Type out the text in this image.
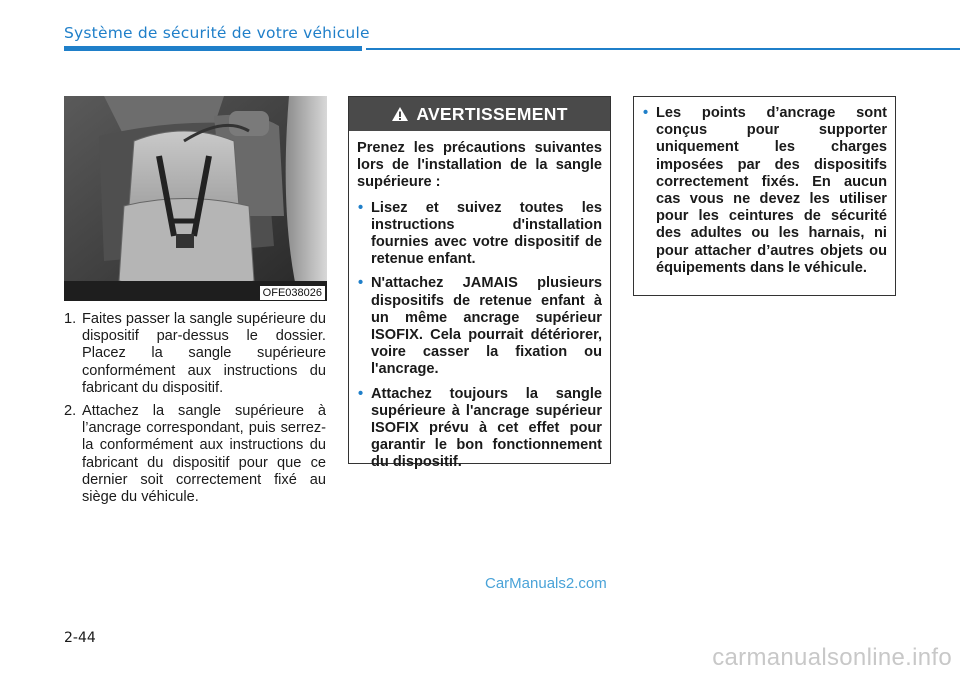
Système de sécurité de votre véhicule
OFE038026
1. Faites passer la sangle supérieure du dispositif par-dessus le dossier. Placez la sangle supérieure conformément aux instructions du fabricant du dispositif.
2. Attachez la sangle supérieure à l’ancrage correspondant, puis serrez-la conformément aux instructions du fabricant du dispositif pour que ce dernier soit correctement fixé au siège du véhicule.
AVERTISSEMENT

Prenez les précautions suivantes lors de l'installation de la sangle supérieure :

• Lisez et suivez toutes les instructions d'installation fournies avec votre dispositif de retenue enfant.
• N'attachez JAMAIS plusieurs dispositifs de retenue enfant à un même ancrage supérieur ISOFIX. Cela pourrait détériorer, voire casser la fixation ou l'ancrage.
• Attachez toujours la sangle supérieure à l'ancrage supérieur ISOFIX prévu à cet effet pour garantir le bon fonctionnement du dispositif.
• Les points d’ancrage sont conçus pour supporter uniquement les charges imposées par des dispositifs correctement fixés. En aucun cas vous ne devez les utiliser pour les ceintures de sécurité des adultes ou les harnais, ni pour attacher d’autres objets ou équipements dans le véhicule.
CarManuals2.com
2-44
carmanualsonline.info
